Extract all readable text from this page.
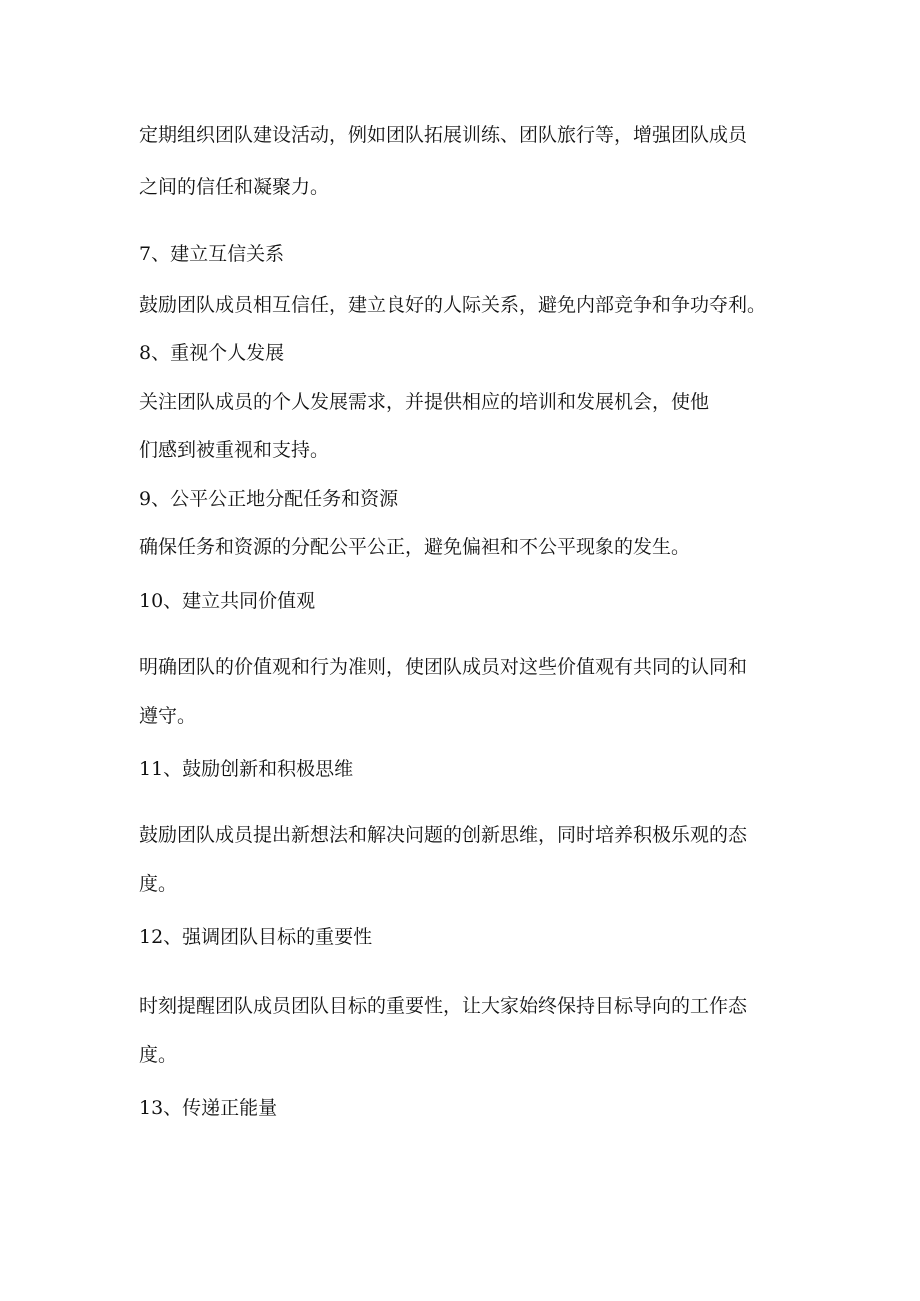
定期组织团队建设活动，例如团队拓展训练、团队旅行等，增强团队成员

之间的信任和凝聚力。

7、建立互信关系

鼓励团队成员相互信任，建立良好的人际关系，避免内部竞争和争功夺利。

8、重视个人发展

关注团队成员的个人发展需求，并提供相应的培训和发展机会，使他

们感到被重视和支持。

9、公平公正地分配任务和资源

确保任务和资源的分配公平公正，避免偏袒和不公平现象的发生。

10、建立共同价值观

明确团队的价值观和行为准则，使团队成员对这些价值观有共同的认同和

遵守。

11、鼓励创新和积极思维

鼓励团队成员提出新想法和解决问题的创新思维，同时培养积极乐观的态

度。

12、强调团队目标的重要性

时刻提醒团队成员团队目标的重要性，让大家始终保持目标导向的工作态

度。

13、传递正能量
